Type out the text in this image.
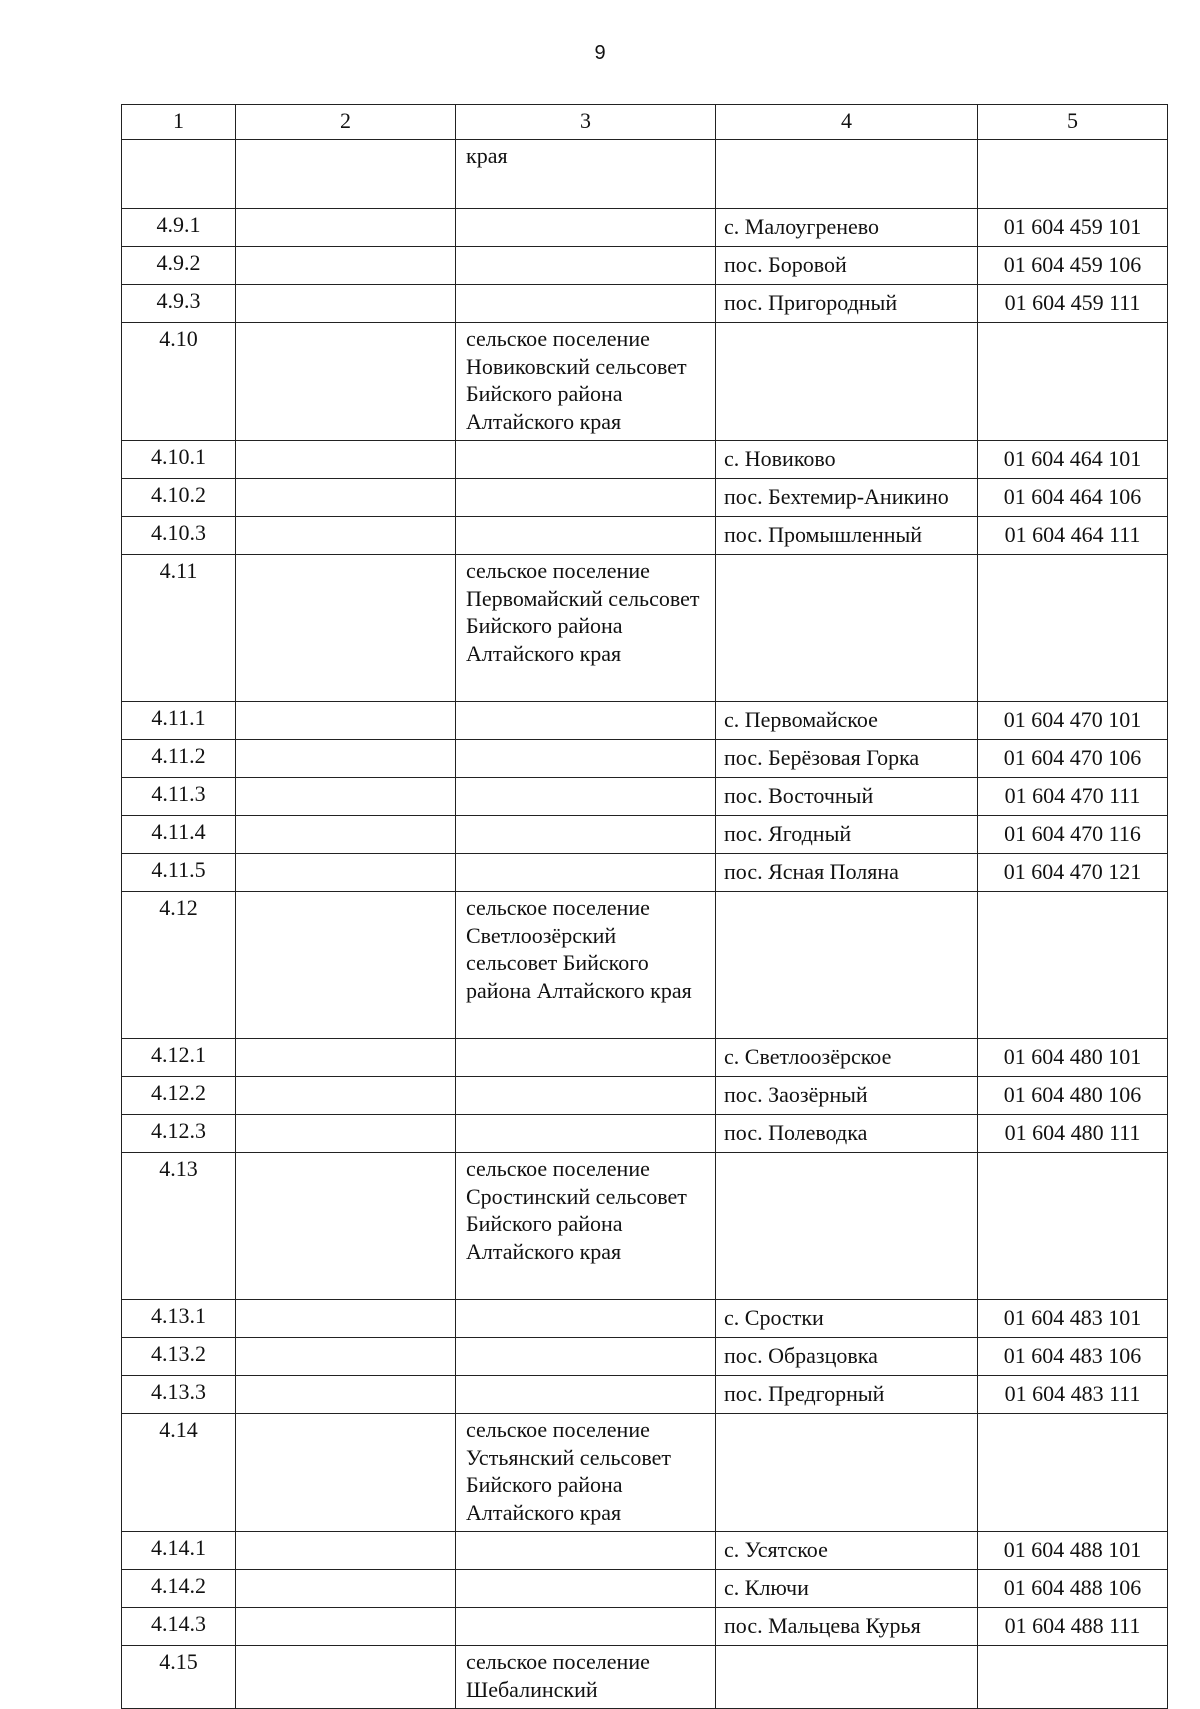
9
1	2	3	4	5
		края		
4.9.1			с. Малоугренево	01 604 459 101
4.9.2			пос. Боровой	01 604 459 106
4.9.3			пос. Пригородный	01 604 459 111
4.10		сельское поселение Новиковский сельсовет Бийского района Алтайского края		
4.10.1			с. Новиково	01 604 464 101
4.10.2			пос. Бехтемир-Аникино	01 604 464 106
4.10.3			пос. Промышленный	01 604 464 111
4.11		сельское поселение Первомайский сельсовет Бийского района Алтайского края		
4.11.1			с. Первомайское	01 604 470 101
4.11.2			пос. Берёзовая Горка	01 604 470 106
4.11.3			пос. Восточный	01 604 470 111
4.11.4			пос. Ягодный	01 604 470 116
4.11.5			пос. Ясная Поляна	01 604 470 121
4.12		сельское поселение Светлоозёрский сельсовет Бийского района Алтайского края		
4.12.1			с. Светлоозёрское	01 604 480 101
4.12.2			пос. Заозёрный	01 604 480 106
4.12.3			пос. Полеводка	01 604 480 111
4.13		сельское поселение Сростинский сельсовет Бийского района Алтайского края		
4.13.1			с. Сростки	01 604 483 101
4.13.2			пос. Образцовка	01 604 483 106
4.13.3			пос. Предгорный	01 604 483 111
4.14		сельское поселение Устьянский сельсовет Бийского района Алтайского края		
4.14.1			с. Усятское	01 604 488 101
4.14.2			с. Ключи	01 604 488 106
4.14.3			пос. Мальцева Курья	01 604 488 111
4.15		сельское поселение Шебалинский		
